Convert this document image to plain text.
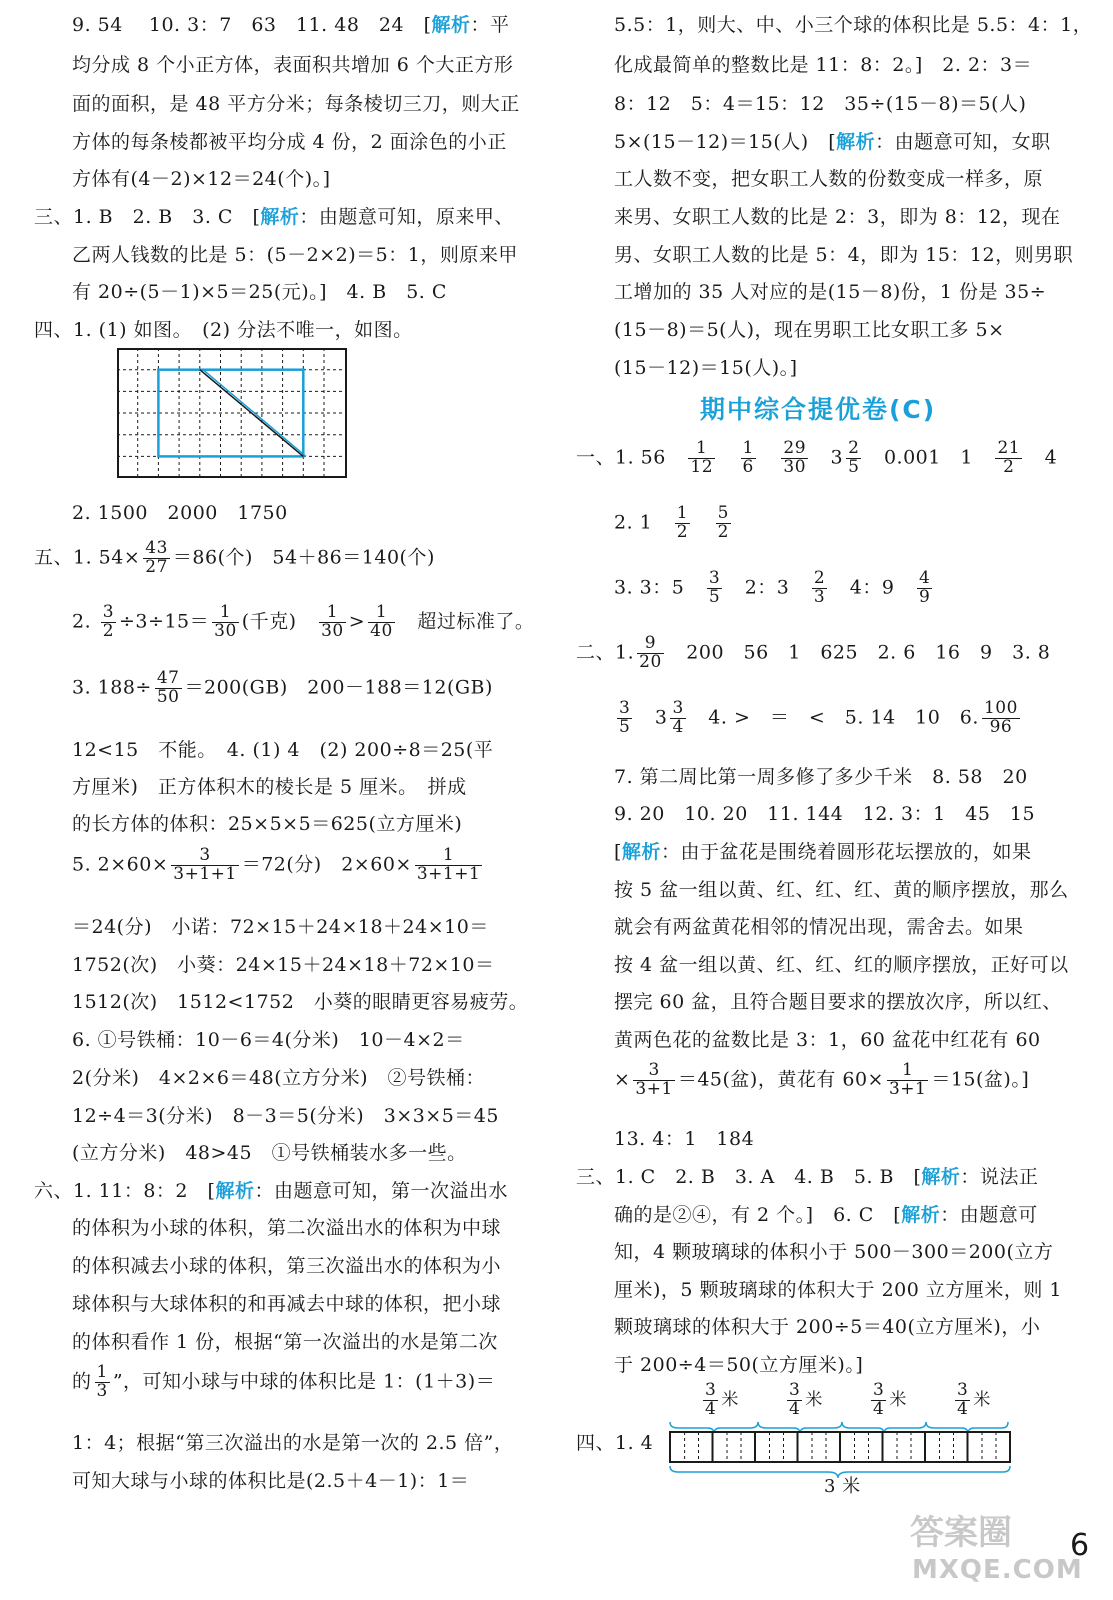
9. 54　 10. 3：7　63　11. 48　24　[解析：平
均分成 8 个小正方体，表面积共增加 6 个大正方形
面的面积，是 48 平方分米；每条棱切三刀，则大正
方体的每条棱都被平均分成 4 份，2 面涂色的小正
方体有(4－2)×12＝24(个)。]
三、1. B　2. B　3. C　[解析：由题意可知，原来甲、
乙两人钱数的比是 5：(5－2×2)＝5：1，则原来甲
有 20÷(5－1)×5＝25(元)。]　4. B　5. C
四、1. (1) 如图。　(2) 分法不唯一，如图。
2. 1500　2000　1750
五、1. $54\times \frac{43}{27} =86$(个)　54＋86＝140(个)
2. $\frac{3}{2} \div 3\div 15= \frac{1}{30}$ (千克)　 $\frac{1}{30} > \frac{1}{40}$
　 超过标准了。
3. $188\div \frac{47}{50} =200(GB)$　200－188＝12(GB)
12<15　不能。　4. (1) 4　(2) 200÷8＝25(平
方厘米)　正方体积木的棱长是 5 厘米。　拼成
的长方体的体积：25×5×5＝625(立方厘米)
5. $2\times 60\times \frac{3}{3+1+1} =72$(分)　$2\times 60\times \frac{1}{3+1+1}$
＝24(分)　小诺：72×15＋24×18＋24×10＝
1752(次)　小葵：24×15＋24×18＋72×10＝
1512(次)　1512<1752　小葵的眼睛更容易疲劳。
6. ①号铁桶：10－6＝4(分米)　10－4×2＝
2(分米)　4×2×6＝48(立方分米)　②号铁桶：
12÷4＝3(分米)　8－3＝5(分米)　3×3×5＝45
(立方分米)　48>45　①号铁桶装水多一些。
六、1. 11：8：2　[解析：由题意可知，第一次溢出水
的体积为小球的体积，第二次溢出水的体积为中球
的体积减去小球的体积，第三次溢出水的体积为小
球体积与大球体积的和再减去中球的体积，把小球
的体积看作 1 份，根据“第一次溢出的水是第二次
的 $\frac{1}{3}$ ”，可知小球与中球的体积比是 1：(1＋3)＝
1：4；根据“第三次溢出的水是第一次的 2.5 倍”，
可知大球与小球的体积比是(2.5＋4－1)：1＝
5.5：1，则大、中、小三个球的体积比是 5.5：4：1，
化成最简单的整数比是 11：8：2。]　2. 2：3＝
8：12　5：4＝15：12　35÷(15－8)＝5(人)
5×(15－12)＝15(人)　[解析：由题意可知，女职
工人数不变，把女职工人数的份数变成一样多，原
来男、女职工人数的比是 2：3，即为 8：12，现在
男、女职工人数的比是 5：4，即为 15：12，则男职
工增加的 35 人对应的是(15－8)份，1 份是 35÷
(15－8)＝5(人)，现在男职工比女职工多 5×
(15－12)＝15(人)。]
期中综合提优卷(C)
一、1. 56　 $\frac{1}{12}$
　 $\frac{1}{6}$
　 $\frac{29}{30}$
　 $3 \frac{2}{5}$
　 0.001　1　 $\frac{21}{2}$
　 4
2. 1　 $\frac{1}{2}$
　 $\frac{5}{2}$
3. 3：5　 $\frac{3}{5}$
　 2：3　 $\frac{2}{3}$
　 4：9　 $\frac{4}{9}$
二、1. $\frac{9}{20}$
　 200　56　1　625　2. 6　16　9　3. 8
$\frac{3}{5}$
　 $3 \frac{3}{4}$
　 4. >　＝　<　5. 14　10　6. $\frac{100}{96}$
7. 第二周比第一周多修了多少千米　8. 58　20
9. 20　10. 20　11. 144　12. 3：1　45　15
[解析：由于盆花是围绕着圆形花坛摆放的，如果
按 5 盆一组以黄、红、红、红、黄的顺序摆放，那么
就会有两盆黄花相邻的情况出现，需舍去。如果
按 4 盆一组以黄、红、红、红的顺序摆放，正好可以
摆完 60 盆，且符合题目要求的摆放次序，所以红、
黄两色花的盆数比是 3：1，60 盆花中红花有 60
× $\frac{3}{3+1} =45$(盆)，黄花有 $60\times \frac{1}{3+1} =15$(盆)。]
13. 4：1　184
三、1. C　2. B　3. A　4. B　5. B　[解析：说法正
确的是②④，有 2 个。]　6. C　[解析：由题意可
知，4 颗玻璃球的体积小于 500－300＝200(立方
厘米)，5 颗玻璃球的体积大于 200 立方厘米，则 1
颗玻璃球的体积大于 200÷5＝40(立方厘米)，小
于 200÷4＝50(立方厘米)。]
四、1. 4
$\frac{3}{4}$ 米	$\frac{3}{4}$ 米	$\frac{3}{4}$ 米	$\frac{3}{4}$ 米
3 米
答案圈
MXQE.COM
6
